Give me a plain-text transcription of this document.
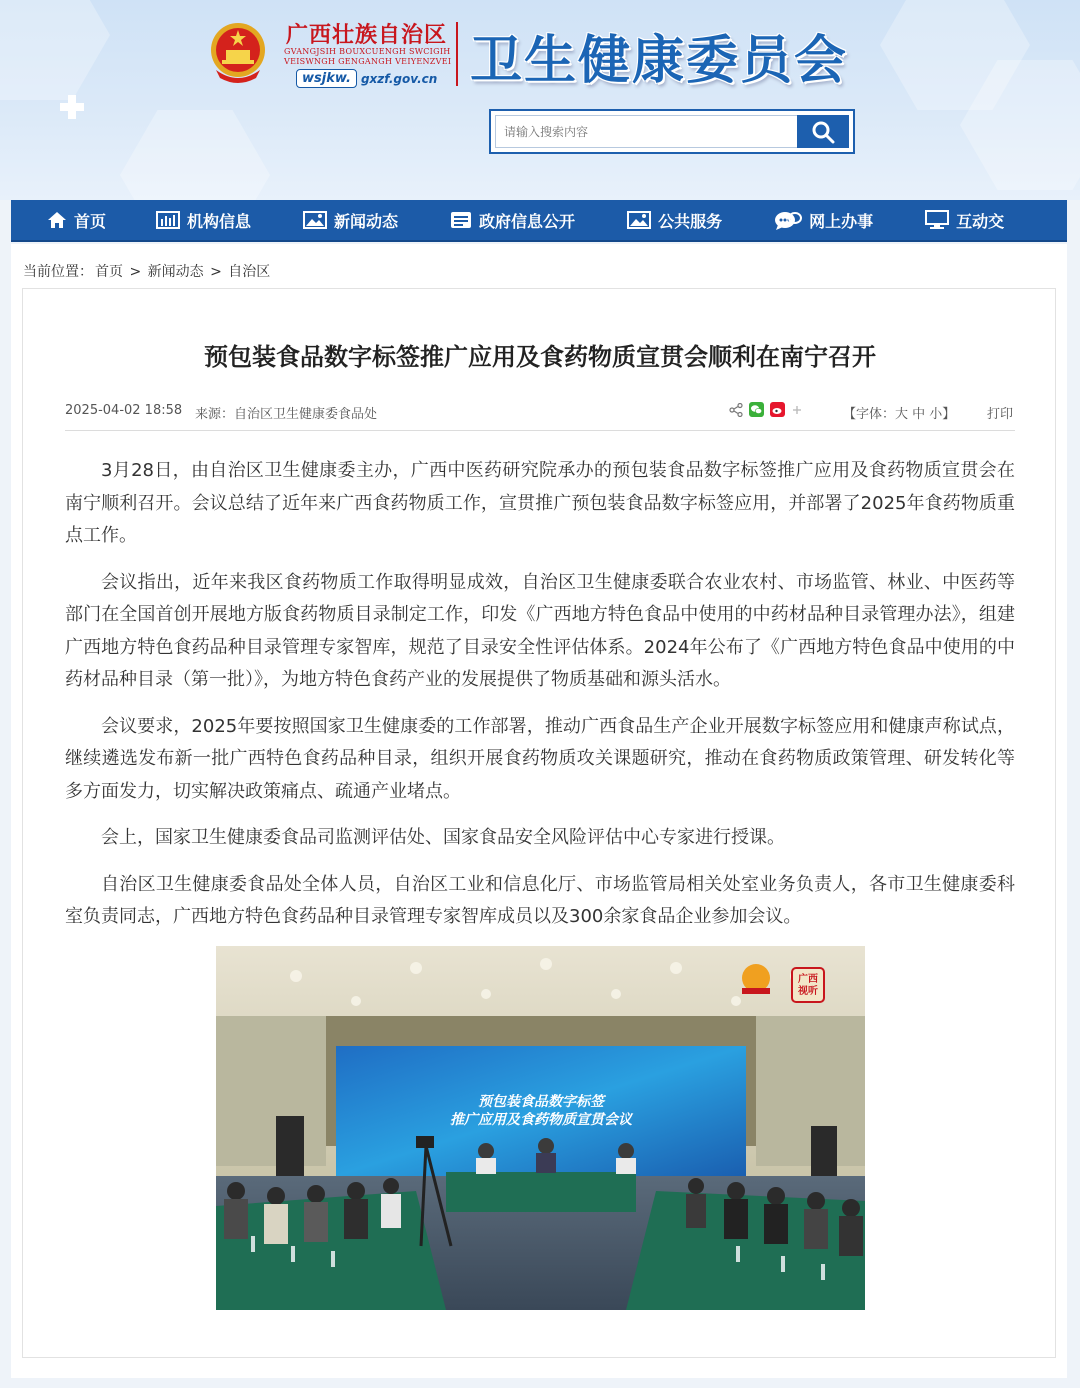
广西壮族自治区
GVANGJSIH BOUXCUENGH SWCIGIH
VEISWNGH GENGANGH VEIYENZVEI
wsjkw. gxzf.gov.cn 卫生健康委员会
请输入搜索内容
首页	机构信息	新闻动态	政府信息公开	公共服务	网上办事	互动交
当前位置： 首页 > 新闻动态 > 自治区
预包装食品数字标签推广应用及食药物质宣贯会顺利在南宁召开
2025-04-02 18:58 来源：自治区卫生健康委食品处	【字体：大 中 小】 打印

3月28日，由自治区卫生健康委主办，广西中医药研究院承办的预包装食品数字标签推广应用及食药物质宣贯会在南宁顺利召开。会议总结了近年来广西食药物质工作，宣贯推广预包装食品数字标签应用，并部署了2025年食药物质重点工作。

会议指出，近年来我区食药物质工作取得明显成效，自治区卫生健康委联合农业农村、市场监管、林业、中医药等部门在全国首创开展地方版食药物质目录制定工作，印发《广西地方特色食品中使用的中药材品种目录管理办法》，组建广西地方特色食药品种目录管理专家智库，规范了目录安全性评估体系。2024年公布了《广西地方特色食品中使用的中药材品种目录（第一批）》，为地方特色食药产业的发展提供了物质基础和源头活水。

会议要求，2025年要按照国家卫生健康委的工作部署，推动广西食品生产企业开展数字标签应用和健康声称试点，继续遴选发布新一批广西特色食药品种目录，组织开展食药物质攻关课题研究，推动在食药物质政策管理、研发转化等多方面发力，切实解决政策痛点、疏通产业堵点。

会上，国家卫生健康委食品司监测评估处、国家食品安全风险评估中心专家进行授课。

自治区卫生健康委食品处全体人员，自治区工业和信息化厅、市场监管局相关处室业务负责人，各市卫生健康委科室负责同志，广西地方特色食药品种目录管理专家智库成员以及300余家食品企业参加会议。

预包装食品数字标签
推广应用及食药物质宣贯会议
广西视听
